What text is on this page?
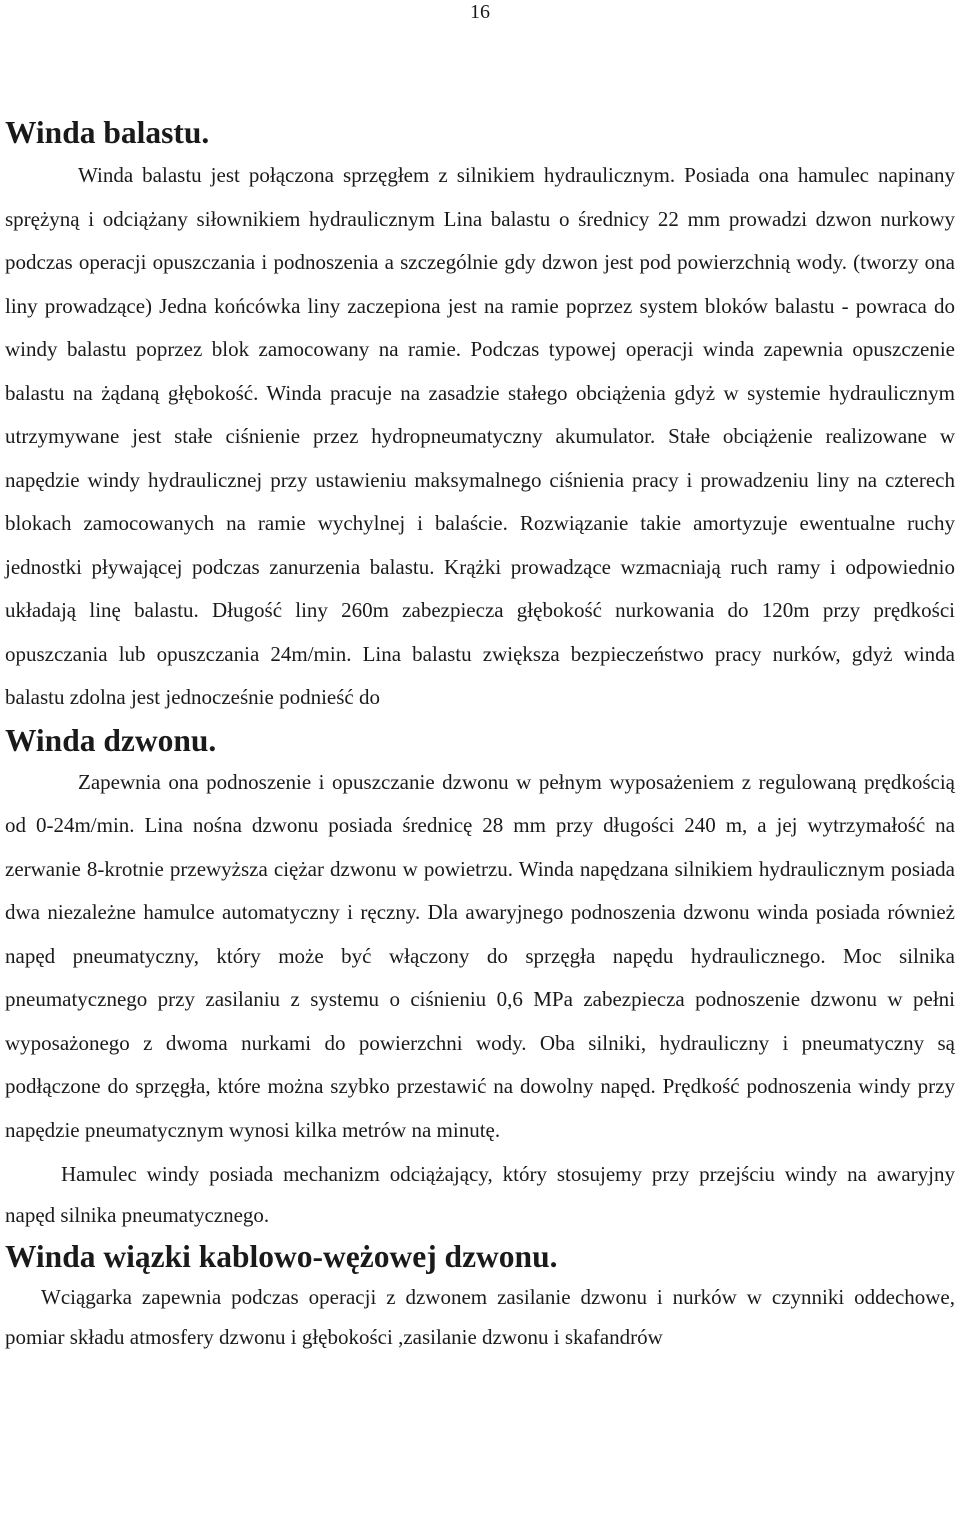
16
Winda balastu.

Winda balastu jest połączona sprzęgłem z silnikiem hydraulicznym. Posiada ona hamulec napinany sprężyną i odciążany siłownikiem hydraulicznym Lina balastu o średnicy 22 mm prowadzi dzwon nurkowy podczas operacji opuszczania i podnoszenia a szczególnie gdy dzwon jest pod powierzchnią wody. (tworzy ona liny prowadzące) Jedna końcówka liny zaczepiona jest na ramie poprzez system bloków balastu - powraca do windy balastu poprzez blok zamocowany na ramie. Podczas typowej operacji winda zapewnia opuszczenie balastu na żądaną głębokość. Winda pracuje na zasadzie stałego obciążenia gdyż w systemie hydraulicznym utrzymywane jest stałe ciśnienie przez hydropneumatyczny akumulator. Stałe obciążenie realizowane w napędzie windy hydraulicznej przy ustawieniu maksymalnego ciśnienia pracy i prowadzeniu liny na czterech blokach zamocowanych na ramie wychylnej i balaście. Rozwiązanie takie amortyzuje ewentualne ruchy jednostki pływającej podczas zanurzenia balastu. Krążki prowadzące wzmacniają ruch ramy i odpowiednio układają linę balastu. Długość liny 260m zabezpiecza głębokość nurkowania do 120m przy prędkości opuszczania lub opuszczania 24m/min. Lina balastu zwiększa bezpieczeństwo pracy nurków, gdyż winda balastu zdolna jest jednocześnie podnieść do

Winda dzwonu.

Zapewnia ona podnoszenie i opuszczanie dzwonu w pełnym wyposażeniem z regulowaną prędkością od 0-24m/min. Lina nośna dzwonu posiada średnicę 28 mm przy długości 240 m, a jej wytrzymałość na zerwanie 8-krotnie przewyższa ciężar dzwonu w powietrzu. Winda napędzana silnikiem hydraulicznym posiada dwa niezależne hamulce automatyczny i ręczny. Dla awaryjnego podnoszenia dzwonu winda posiada również napęd pneumatyczny, który może być włączony do sprzęgła napędu hydraulicznego. Moc silnika pneumatycznego przy zasilaniu z systemu o ciśnieniu 0,6 MPa zabezpiecza podnoszenie dzwonu w pełni wyposażonego z dwoma nurkami do powierzchni wody. Oba silniki, hydrauliczny i pneumatyczny są podłączone do sprzęgła, które można szybko przestawić na dowolny napęd. Prędkość podnoszenia windy przy napędzie pneumatycznym wynosi kilka metrów na minutę.

Hamulec windy posiada mechanizm odciążający, który stosujemy przy przejściu windy na awaryjny napęd silnika pneumatycznego.

Winda wiązki kablowo-wężowej dzwonu.

Wciągarka zapewnia podczas operacji z dzwonem zasilanie dzwonu i nurków w czynniki oddechowe, pomiar składu atmosfery dzwonu i głębokości ,zasilanie dzwonu i skafandrów
